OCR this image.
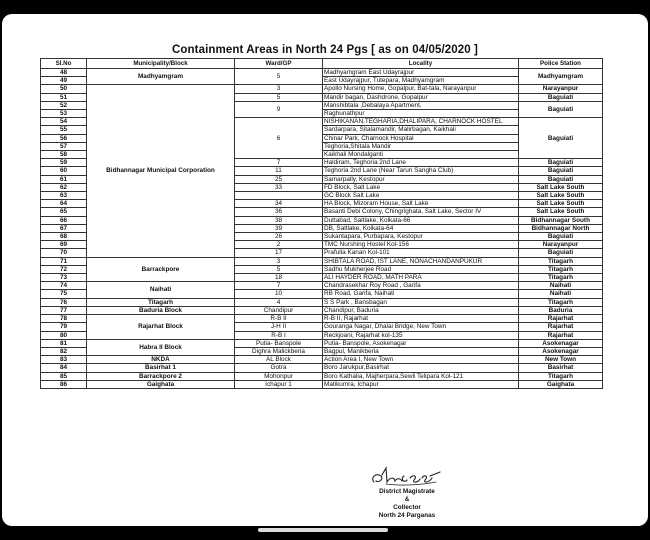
Containment Areas in North 24 Pgs [ as on 04/05/2020 ]
Sl.No	Municipality/Block	Ward/GP	Locality	Police Station
48	Madhyamgram	5	Madhyamgram East Udayrajpur	Madhyamgram
49			East Udayrajpur, Tutepara, Madhyamgram	
50	Bidhannagar Municipal Corporation	3	Apollo Nursing Home, Gopalpur, Bat-tala, Narayanpur	Narayanpur
51		5	Mandir bagan, Dashdrone, Gopalpur	Baguiati
52		9	Manshibtala ,Debalaya Apartment,	Baguiati
53			Raghunathpur	
54		6	NISHIKANAN,TEGHARIA,DHALIPARA, CHARNOCK HOSTEL	Baguiati
55			Sardarpara, Sitalamandir, Malirbagan, Kaikhali	
56			Chinar Park, Charnock Hospital	
57			Teghoria,Shitala Mandir	
58			Kaikhali Mondalganti	
59		7	Haldiram, Teghoria 2nd Lane	Baguiati
60		11	Teghoria 2nd Lane (Near Tarun Sangha Club)	Baguiati
61		25	Samarpally, Kestopur	Baguiati
62		33	FD Block, Salt Lake	Salt Lake South
63			GC Block Salt Lake	Salt Lake South
64		34	HA Block, Mizoram House, Salt Lake	Salt Lake South
65		36	Basanti Debi Colony, Chingrighata, Salt Lake, Sector IV	Salt Lake South
66		38	Duttabad, Saltlake, Kolkata-66	Bidhannagar South
67		39	DB, Saltlake, Kolkata-64	Bidhannagar North
68		26	Sukantapara, Purbapara, Kestopur	Baguiati
69		2	TMC Nurshing Hostel Kol-156	Narayanpur
70		17	Prafulla Kanan Kol-101	Baguiati
71	Barrackpore	3	SHIBTALA ROAD, IST LANE, NONACHANDANPUKUR	Titagarh
72		5	Sadhu Mukherjee Road	Titagarh
73		18	ALI HAYDER ROAD, MATH PARA	Titagarh
74	Naihati	7	Chandrasekhar Roy Road , Garifa	Naihati
75		10	RB Road, Garifa, Naihati	Naihati
76	Titagarh	4	S S Park , Bansbagan	Titagarh
77	Baduria Block	Chandipur	Chandipur, Baduria	Baduria
78	Rajarhat Block	R-B II	R-B II, Rajarhat	Rajarhat
79		J-H II	Gouranga Nagar, Dhalai Bridge, New Town	Rajarhat
80		R-B I	Reckjoani, Rajarhat kol-135	Rajarhat
81	Habra II Block	Putia- Banspole	Putia- Banspole, Asokenagar	Asokenagar
82		Dighra Malickberia	Bagpul, Manikberia	Asokenagar
83	NKDA	AL Block	Action Area I, New Town	New Town
84	Basirhat 1	Gotra	Boro Jarukpur,Basirhat	Basirhat
85	Barrackpore 2	Mohonpur	Boro Kathalia, Majherpara,Sewli Telipara Kol-121	Titagarh
86	Gaighata	Ichapur 1	Matikumra, Ichapur	Gaighata
District Magistrate
&
Collector
North 24 Parganas
